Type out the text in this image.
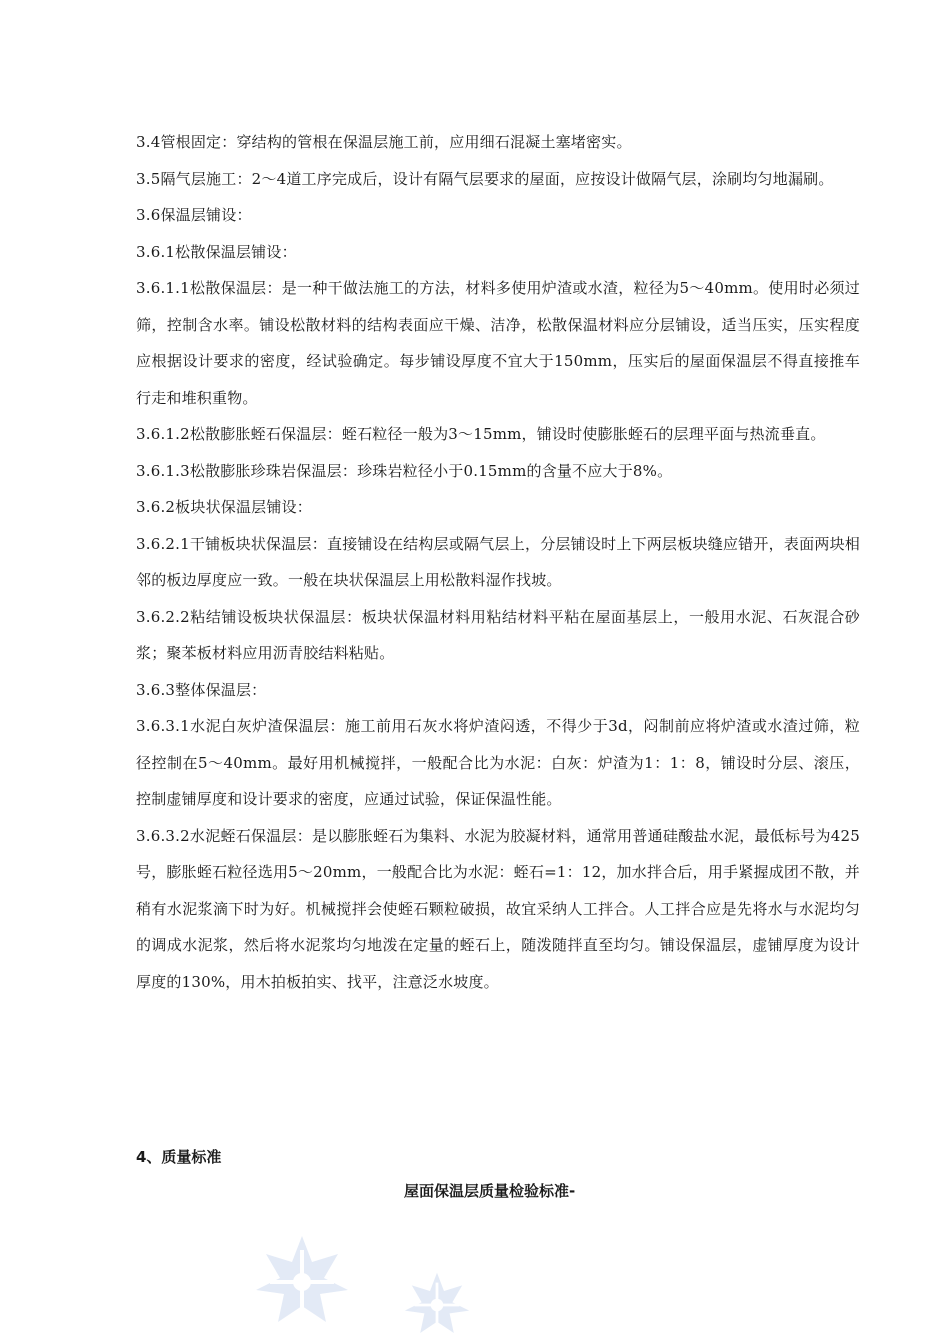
3.4管根固定：穿结构的管根在保温层施工前，应用细石混凝土塞堵密实。

3.5隔气层施工：2～4道工序完成后，设计有隔气层要求的屋面，应按设计做隔气层，涂刷均匀地漏刷。

3.6保温层铺设：

3.6.1松散保温层铺设：

3.6.1.1松散保温层：是一种干做法施工的方法，材料多使用炉渣或水渣，粒径为5～40mm。使用时必须过筛，控制含水率。铺设松散材料的结构表面应干燥、洁净，松散保温材料应分层铺设，适当压实，压实程度应根据设计要求的密度，经试验确定。每步铺设厚度不宜大于150mm，压实后的屋面保温层不得直接推车行走和堆积重物。

3.6.1.2松散膨胀蛭石保温层：蛭石粒径一般为3～15mm，铺设时使膨胀蛭石的层理平面与热流垂直。

3.6.1.3松散膨胀珍珠岩保温层：珍珠岩粒径小于0.15mm的含量不应大于8%。

3.6.2板块状保温层铺设：

3.6.2.1干铺板块状保温层：直接铺设在结构层或隔气层上，分层铺设时上下两层板块缝应错开，表面两块相邻的板边厚度应一致。一般在块状保温层上用松散料湿作找坡。

3.6.2.2粘结铺设板块状保温层：板块状保温材料用粘结材料平粘在屋面基层上，一般用水泥、石灰混合砂浆；聚苯板材料应用沥青胶结料粘贴。

3.6.3整体保温层：

3.6.3.1水泥白灰炉渣保温层：施工前用石灰水将炉渣闷透，不得少于3d，闷制前应将炉渣或水渣过筛，粒径控制在5～40mm。最好用机械搅拌，一般配合比为水泥：白灰：炉渣为1：1：8，铺设时分层、滚压，控制虚铺厚度和设计要求的密度，应通过试验，保证保温性能。

3.6.3.2水泥蛭石保温层：是以膨胀蛭石为集料、水泥为胶凝材料，通常用普通硅酸盐水泥，最低标号为425号，膨胀蛭石粒径选用5～20mm，一般配合比为水泥：蛭石=1：12，加水拌合后，用手紧握成团不散，并稍有水泥浆滴下时为好。机械搅拌会使蛭石颗粒破损，故宜采纳人工拌合。人工拌合应是先将水与水泥均匀的调成水泥浆，然后将水泥浆均匀地泼在定量的蛭石上，随泼随拌直至均匀。铺设保温层，虚铺厚度为设计厚度的130%，用木拍板拍实、找平，注意泛水坡度。

4、质量标准
屋面保温层质量检验标准-
